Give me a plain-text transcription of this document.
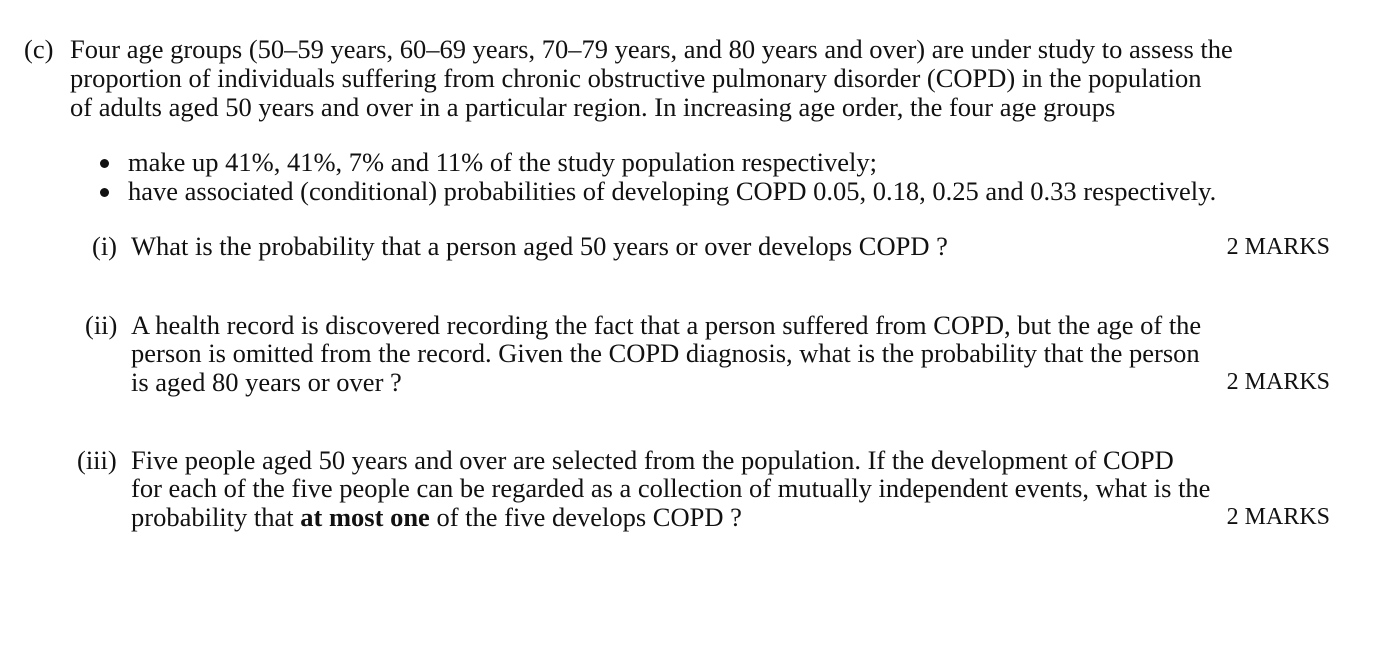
(c) Four age groups (50–59 years, 60–69 years, 70–79 years, and 80 years and over) are under study to assess the
proportion of individuals suffering from chronic obstructive pulmonary disorder (COPD) in the population
of adults aged 50 years and over in a particular region. In increasing age order, the four age groups
make up 41%, 41%, 7% and 11% of the study population respectively;
have associated (conditional) probabilities of developing COPD 0.05, 0.18, 0.25 and 0.33 respectively.
(i) What is the probability that a person aged 50 years or over develops COPD ?	2 MARKS
(ii) A health record is discovered recording the fact that a person suffered from COPD, but the age of the
person is omitted from the record. Given the COPD diagnosis, what is the probability that the person
is aged 80 years or over ?	2 MARKS
(iii) Five people aged 50 years and over are selected from the population. If the development of COPD
for each of the five people can be regarded as a collection of mutually independent events, what is the
probability that at most one of the five develops COPD ?	2 MARKS
